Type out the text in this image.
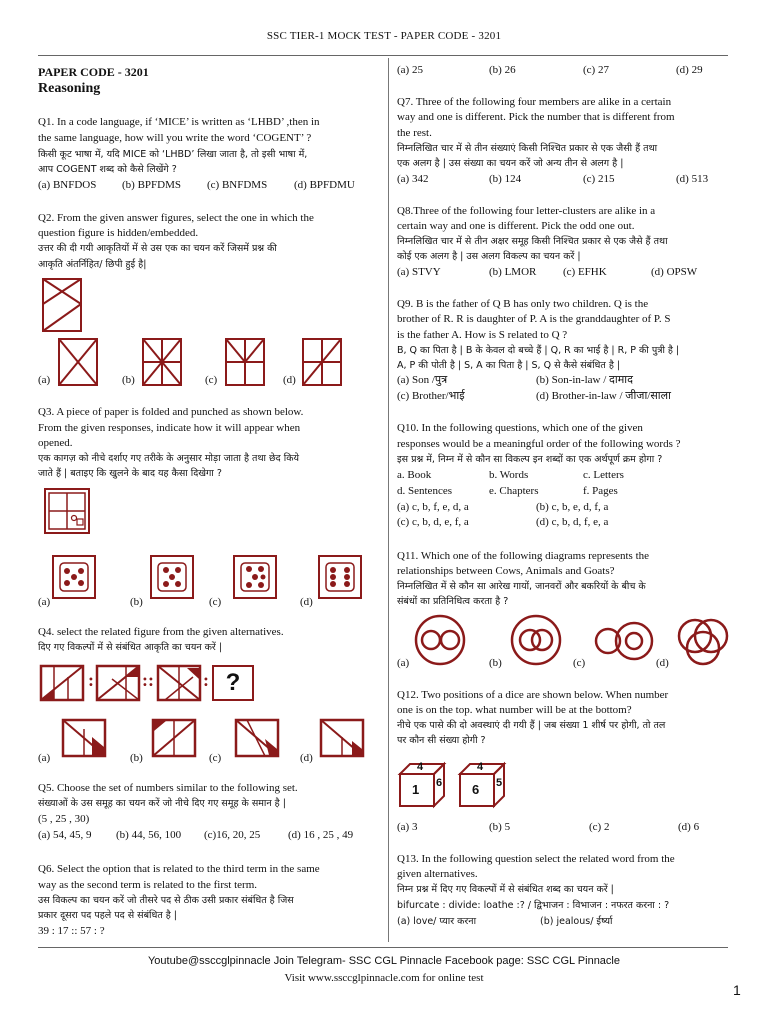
SSC TIER-1 MOCK TEST - PAPER CODE - 3201
PAPER CODE - 3201
Reasoning
Q1. In a code language, if ‘MICE’ is written as ‘LHBD’ ,then in
the same language, how will you write the word ‘COGENT’ ?
किसी कूट भाषा में, यदि MICE को ‘LHBD’ लिखा जाता है, तो इसी भाषा में,
आप COGENT शब्द को कैसे लिखेंगे ?
(a) BNFDOS (b) BPFDMS (c) BNFDMS (d) BPFDMU
Q2. From the given answer figures, select the one in which the
question figure is hidden/embedded.
उत्तर की दी गयी आकृतियों में से उस एक का चयन करें जिसमें प्रश्न की
आकृति अंतर्निहित/ छिपी हुई है|
(a)	(b)	(c)	(d)
Q3. A piece of paper is folded and punched as shown below.
From the given responses, indicate how it will appear when
opened.
एक कागज़ को नीचे दर्शाए गए तरीके के अनुसार मोड़ा जाता है तथा छेद किये
जाते हैं | बताइए कि खुलने के बाद यह कैसा दिखेगा ?
(a)	(b)	(c)	(d)
Q4. select the related figure from the given alternatives.
दिए गए विकल्पों में से संबंधित आकृति का चयन करें |
:	::	: ?
(a)	(b)	(c)	(d)
Q5. Choose the set of numbers similar to the following set.
संख्याओं के उस समूह का चयन करें जो नीचे दिए गए समूह के समान है |
(5 , 25 , 30)
(a) 54, 45, 9 (b) 44, 56, 100 (c)16, 20, 25	(d) 16 , 25 , 49
Q6. Select the option that is related to the third term in the same
way as the second term is related to the first term.
उस विकल्प का चयन करें जो तीसरे पद से ठीक उसी प्रकार संबंधित है जिस
प्रकार दूसरा पद पहले पद से संबंधित है |
39 : 17 :: 57 : ?
(a) 25	(b) 26	(c) 27	(d) 29
Q7. Three of the following four members are alike in a certain
way and one is different. Pick the number that is different from
the rest.
निम्नलिखित चार में से तीन संख्याएं किसी निश्चित प्रकार से एक जैसी हैं तथा
एक अलग है | उस संख्या का चयन करें जो अन्य तीन से अलग है |
(a) 342	(b) 124	(c) 215	(d) 513
Q8.Three of the following four letter-clusters are alike in a
certain way and one is different. Pick the odd one out.
निम्नलिखित चार में से तीन अक्षर समूह किसी निश्चित प्रकार से एक जैसे हैं तथा
कोई एक अलग है | उस अलग विकल्प का चयन करें |
(a) STVY	(b) LMOR (c) EFHK	(d) OPSW
Q9. B is the father of Q B has only two children. Q is the
brother of R. R is daughter of P. A is the granddaughter of P. S
is the father A. How is S related to Q ?
B, Q का पिता है | B के केवल दो बच्चे हैं | Q, R का भाई है | R, P की पुत्री है |
A, P की पोती है | S, A का पिता है | S, Q से कैसे संबंधित है |
(a) Son /पुत्र	(b) Son-in-law / दामाद
(c) Brother/भाई	(d) Brother-in-law / जीजा/साला
Q10. In the following questions, which one of the given
responses would be a meaningful order of the following words ?
इस प्रश्न में, निम्न में से कौन सा विकल्प इन शब्दों का एक अर्थपूर्ण क्रम होगा ?
a. Book	b. Words	c. Letters
d. Sentences	e. Chapters	f. Pages
(a) c, b, f, e, d, a	(b) c, b, e, d, f, a
(c) c, b, d, e, f, a	(d) c, b, d, f, e, a
Q11. Which one of the following diagrams represents the
relationships between Cows, Animals and Goats?
निम्नलिखित में से कौन सा आरेख गायों, जानवरों और बकरियों के बीच के
संबंधों का प्रतिनिधित्व करता है ?
(a)	(b)	(c)	(d)
Q12. Two positions of a dice are shown below. When number
one is on the top. what number will be at the bottom?
नीचे एक पासे की दो अवस्थाएं दी गयी हैं | जब संख्या 1 शीर्ष पर होगी, तो तल
पर कौन सी संख्या होगी ?
4
1 6
4
6 5
(a) 3	(b) 5	(c) 2	(d) 6
Q13. In the following question select the related word from the
given alternatives.
निम्न प्रश्न में दिए गए विकल्पों में से संबंधित शब्द का चयन करें |
bifurcate : divide: loathe :? / द्विभाजन : विभाजन : नफरत करना : ?
(a) love/ प्यार करना	(b) jealous/ ईर्ष्या
Youtube@ssccglpinnacle Join Telegram- SSC CGL Pinnacle Facebook page: SSC CGL Pinnacle
Visit www.ssccglpinnacle.com for online test
1
